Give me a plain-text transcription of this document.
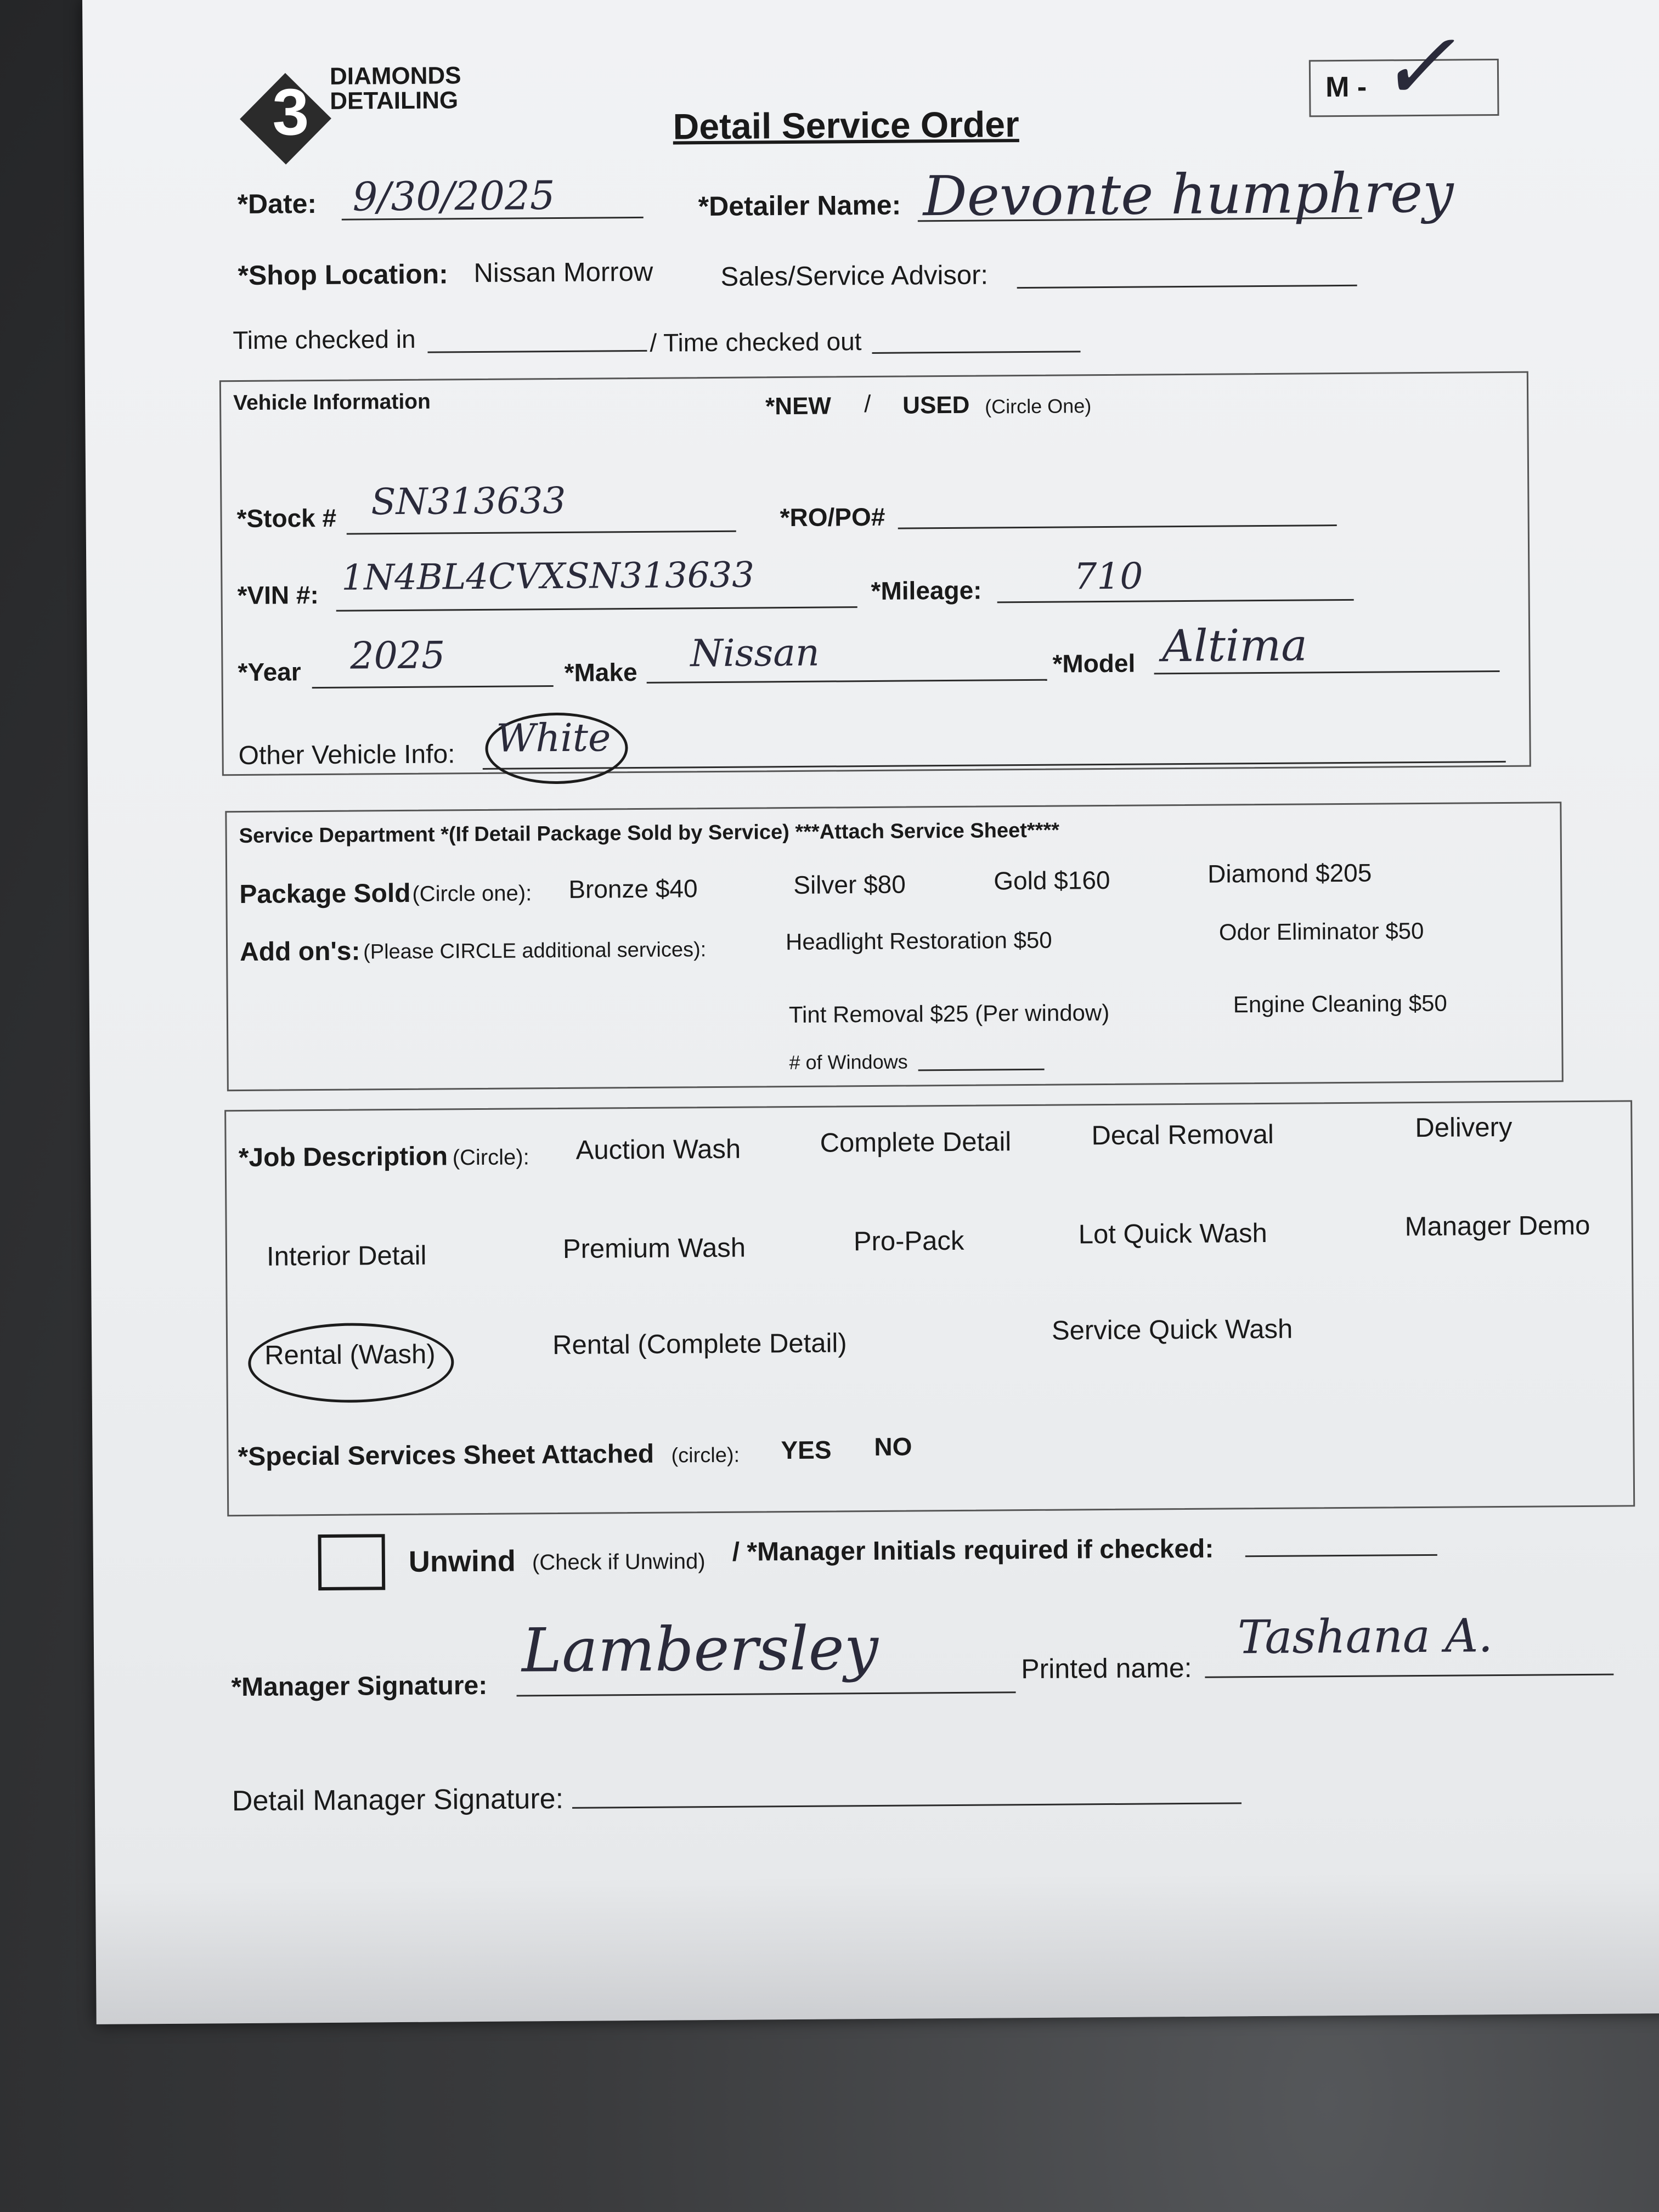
3 DIAMONDS
DETAILING	M - ✓
Detail Service Order
*Date: 9/30/2025	*Detailer Name: Devonte humphrey
*Shop Location: Nissan Morrow	Sales/Service Advisor:
Time checked in	/ Time checked out
Vehicle Information	*NEW / USED (Circle One)
*Stock # SN313633	*RO/PO#
*VIN #: 1N4BL4CVXSN313633	*Mileage:	710
*Year 2025	*Make Nissan	*Model Altima
Other Vehicle Info: White
Service Department *(If Detail Package Sold by Service) ***Attach Service Sheet****
Package Sold (Circle one): Bronze $40	Silver $80	Gold $160	Diamond $205
Add on's: (Please CIRCLE additional services):	Headlight Restoration $50	Odor Eliminator $50
Tint Removal $25 (Per window)	Engine Cleaning $50
# of Windows
*Job Description (Circle): Auction Wash	Complete Detail	Decal Removal	Delivery
Interior Detail	Premium Wash	Pro-Pack	Lot Quick Wash	Manager Demo
Rental (Wash)	Rental (Complete Detail)	Service Quick Wash
*Special Services Sheet Attached (circle): YES NO
Unwind (Check if Unwind) / *Manager Initials required if checked:
*Manager Signature:
Lambersley	Printed name:
Tashana A.
Detail Manager Signature:
